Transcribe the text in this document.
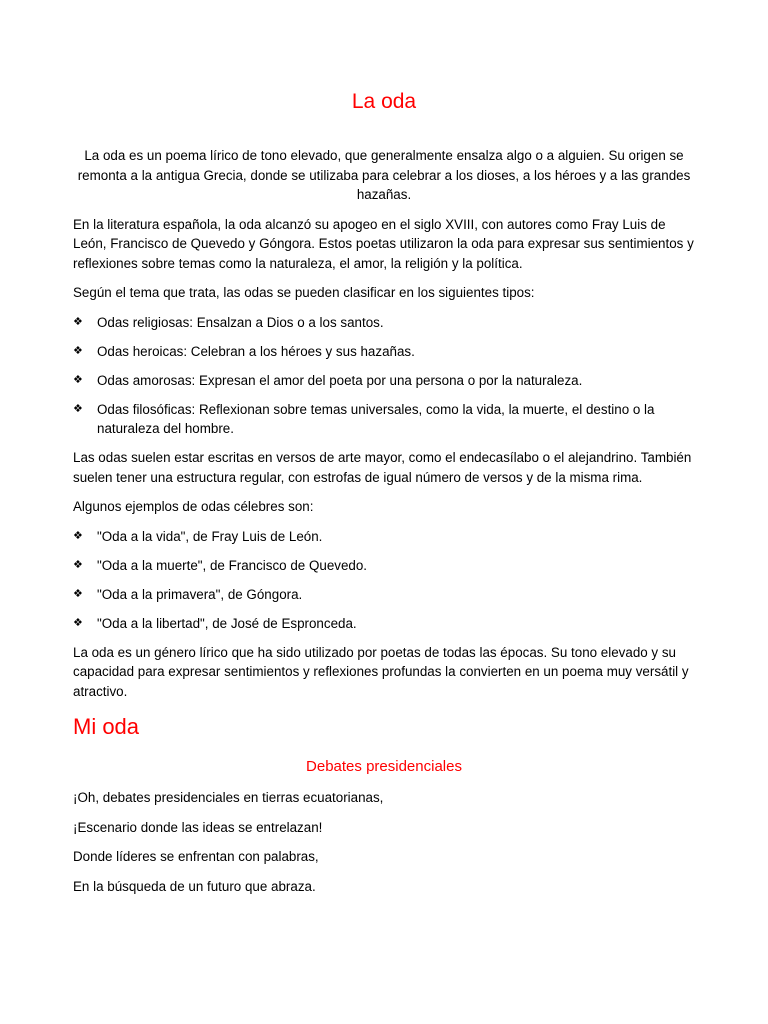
La oda

La oda es un poema lírico de tono elevado, que generalmente ensalza algo o a alguien. Su origen se remonta a la antigua Grecia, donde se utilizaba para celebrar a los dioses, a los héroes y a las grandes hazañas.

En la literatura española, la oda alcanzó su apogeo en el siglo XVIII, con autores como Fray Luis de León, Francisco de Quevedo y Góngora. Estos poetas utilizaron la oda para expresar sus sentimientos y reflexiones sobre temas como la naturaleza, el amor, la religión y la política.

Según el tema que trata, las odas se pueden clasificar en los siguientes tipos:

❖ Odas religiosas: Ensalzan a Dios o a los santos.
❖ Odas heroicas: Celebran a los héroes y sus hazañas.
❖ Odas amorosas: Expresan el amor del poeta por una persona o por la naturaleza.
❖ Odas filosóficas: Reflexionan sobre temas universales, como la vida, la muerte, el destino o la naturaleza del hombre.

Las odas suelen estar escritas en versos de arte mayor, como el endecasílabo o el alejandrino. También suelen tener una estructura regular, con estrofas de igual número de versos y de la misma rima.

Algunos ejemplos de odas célebres son:

❖ "Oda a la vida", de Fray Luis de León.
❖ "Oda a la muerte", de Francisco de Quevedo.
❖ "Oda a la primavera", de Góngora.
❖ "Oda a la libertad", de José de Espronceda.

La oda es un género lírico que ha sido utilizado por poetas de todas las épocas. Su tono elevado y su capacidad para expresar sentimientos y reflexiones profundas la convierten en un poema muy versátil y atractivo.

Mi oda
Debates presidenciales

¡Oh, debates presidenciales en tierras ecuatorianas,

¡Escenario donde las ideas se entrelazan!

Donde líderes se enfrentan con palabras,

En la búsqueda de un futuro que abraza.
